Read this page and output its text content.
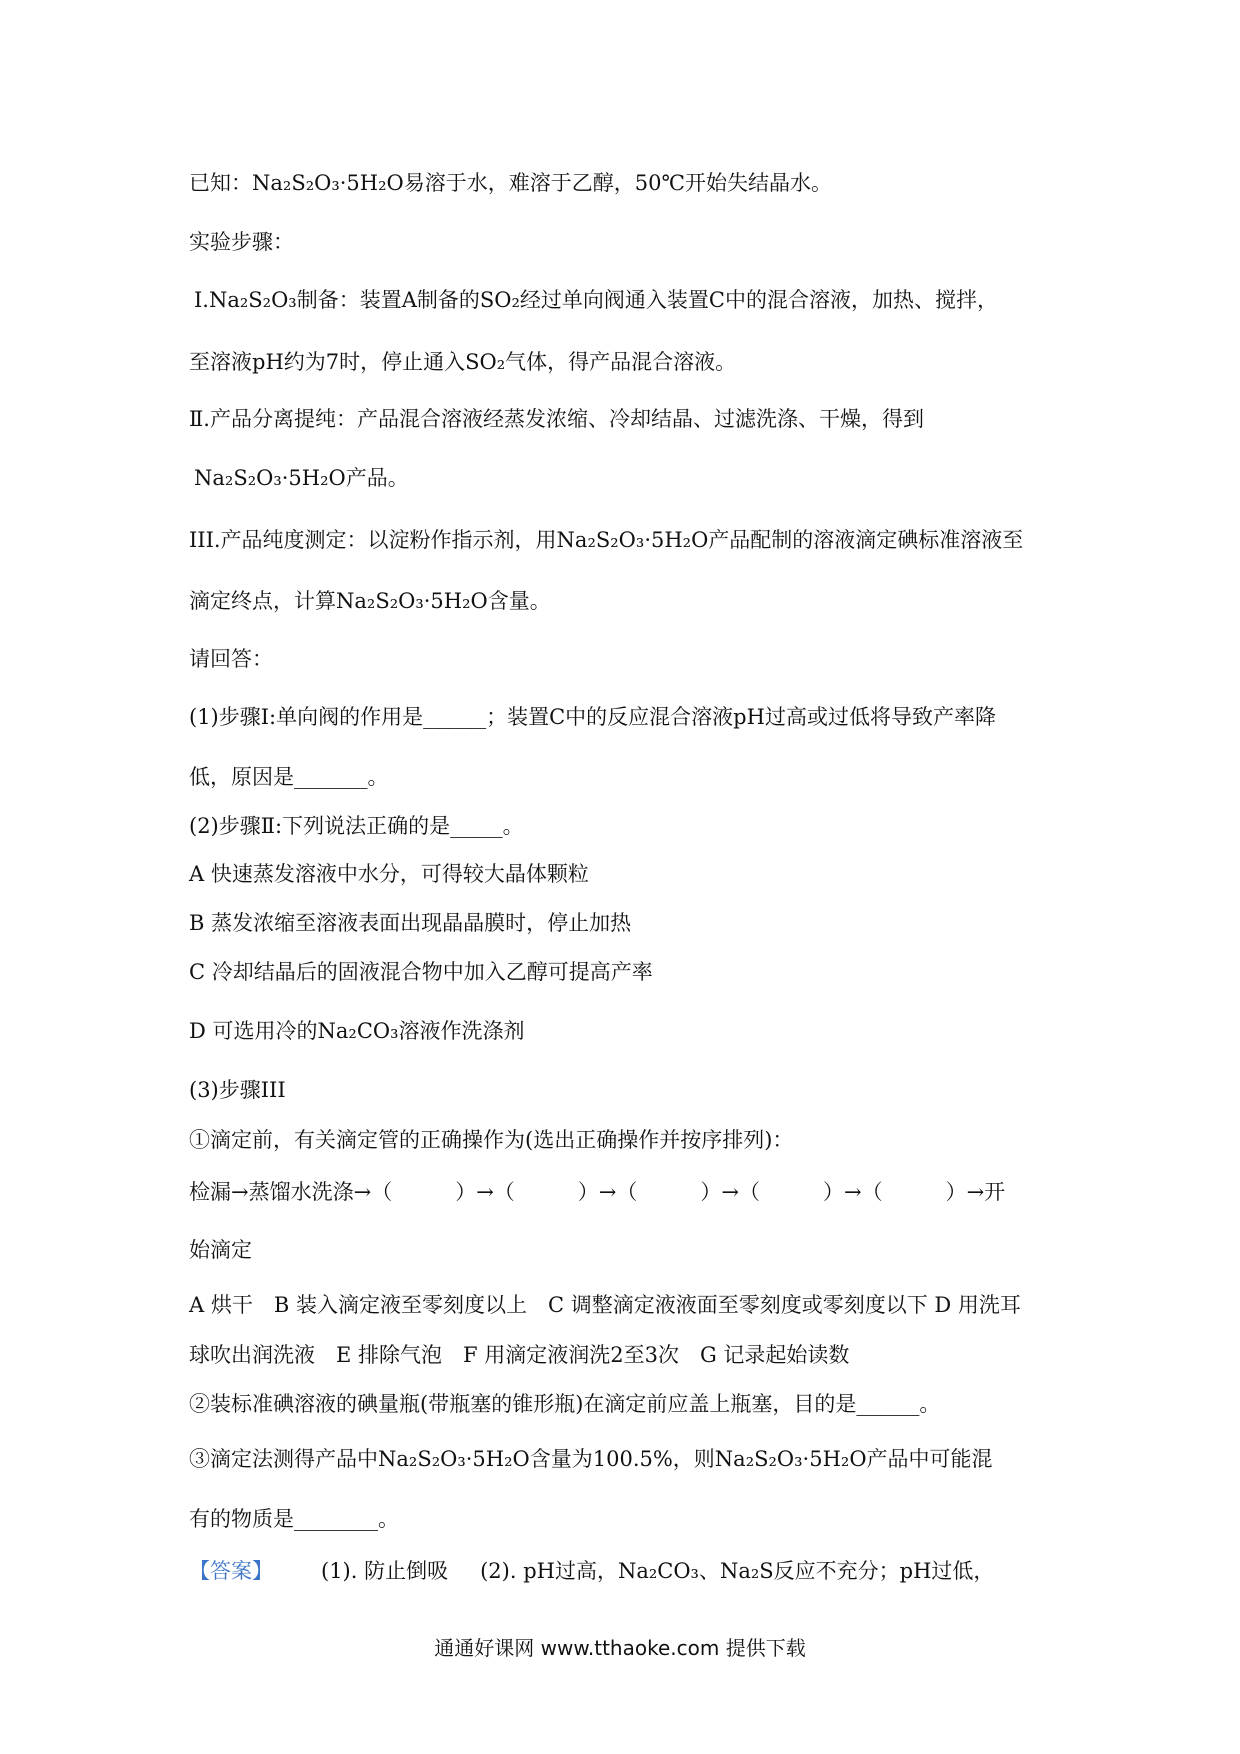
已知：Na₂S₂O₃·5H₂O易溶于水，难溶于乙醇，50℃开始失结晶水。
实验步骤：
Ⅰ.Na₂S₂O₃制备：装置A制备的SO₂经过单向阀通入装置C中的混合溶液，加热、搅拌，
至溶液pH约为7时，停止通入SO₂气体，得产品混合溶液。
Ⅱ.产品分离提纯：产品混合溶液经蒸发浓缩、冷却结晶、过滤洗涤、干燥，得到
Na₂S₂O₃·5H₂O产品。
III.产品纯度测定：以淀粉作指示剂，用Na₂S₂O₃·5H₂O产品配制的溶液滴定碘标准溶液至
滴定终点，计算Na₂S₂O₃·5H₂O含量。
请回答：
(1)步骤Ⅰ:单向阀的作用是______；装置C中的反应混合溶液pH过高或过低将导致产率降
低，原因是_______。
(2)步骤Ⅱ:下列说法正确的是_____。
A 快速蒸发溶液中水分，可得较大晶体颗粒
B 蒸发浓缩至溶液表面出现晶晶膜时，停止加热
C 冷却结晶后的固液混合物中加入乙醇可提高产率
D 可选用冷的Na₂CO₃溶液作洗涤剂
(3)步骤III
①滴定前，有关滴定管的正确操作为(选出正确操作并按序排列)：
检漏→蒸馏水洗涤→（　　　）→（　　　）→（　　　）→（　　　）→（　　　）→开
始滴定
A 烘干　B 装入滴定液至零刻度以上　C 调整滴定液液面至零刻度或零刻度以下 D 用洗耳
球吹出润洗液　E 排除气泡　F 用滴定液润洗2至3次　G 记录起始读数
②装标准碘溶液的碘量瓶(带瓶塞的锥形瓶)在滴定前应盖上瓶塞，目的是______。
③滴定法测得产品中Na₂S₂O₃·5H₂O含量为100.5%，则Na₂S₂O₃·5H₂O产品中可能混
有的物质是________。
【答案】 (1). 防止倒吸 (2). pH过高，Na₂CO₃、Na₂S反应不充分；pH过低，
通通好课网 www.tthaoke.com 提供下载
